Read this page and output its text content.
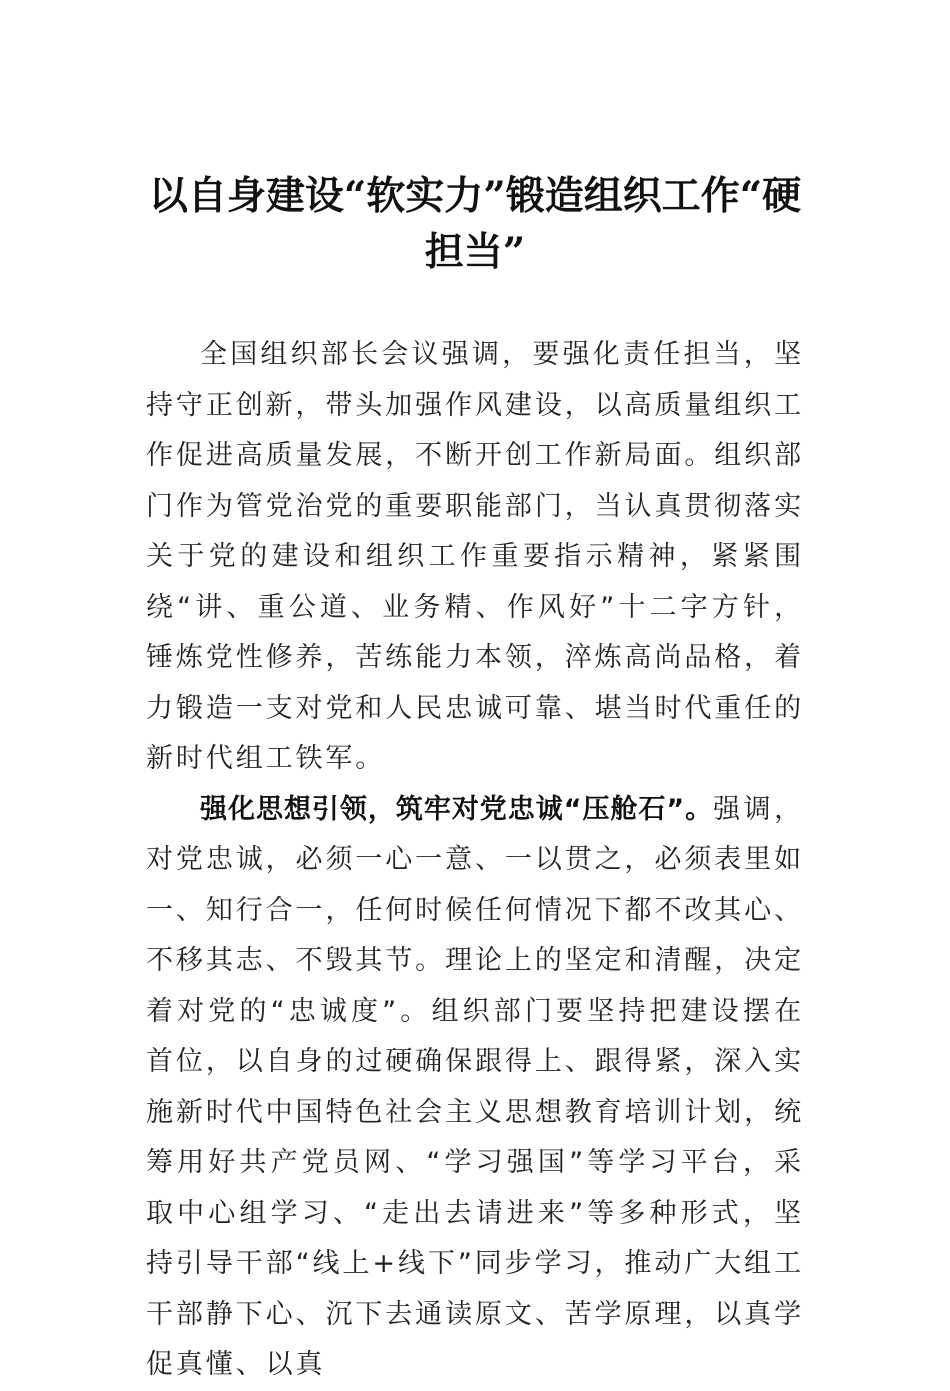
以自身建设“软实力”锻造组织工作“硬担当”

全国组织部长会议强调，要强化责任担当，坚持守正创新，带头加强作风建设，以高质量组织工作促进高质量发展，不断开创工作新局面。组织部门作为管党治党的重要职能部门，当认真贯彻落实关于党的建设和组织工作重要指示精神，紧紧围绕“讲、重公道、业务精、作风好”十二字方针，锤炼党性修养，苦练能力本领，淬炼高尚品格，着力锻造一支对党和人民忠诚可靠、堪当时代重任的新时代组工铁军。

强化思想引领，筑牢对党忠诚“压舱石”。强调，对党忠诚，必须一心一意、一以贯之，必须表里如一、知行合一，任何时候任何情况下都不改其心、不移其志、不毁其节。理论上的坚定和清醒，决定着对党的“忠诚度”。组织部门要坚持把建设摆在首位，以自身的过硬确保跟得上、跟得紧，深入实施新时代中国特色社会主义思想教育培训计划，统筹用好共产党员网、“学习强国”等学习平台，采取中心组学习、“走出去请进来”等多种形式，坚持引导干部“线上+线下”同步学习，推动广大组工干部静下心、沉下去通读原文、苦学原理，以真学促真懂、以真
